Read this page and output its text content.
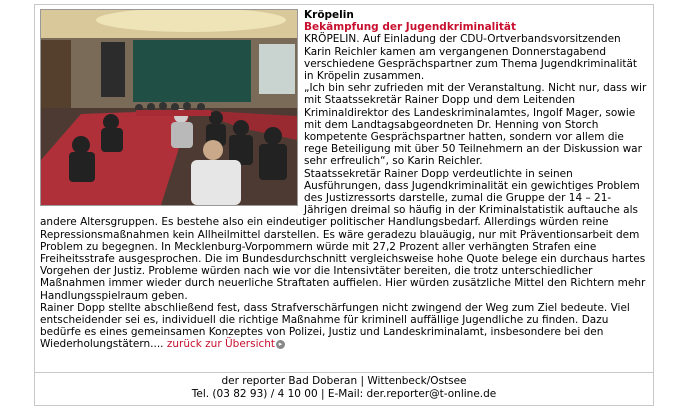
Kröpelin
Bekämpfung der Jugendkriminalität

KRÖPELIN. Auf Einladung der CDU-Ortverbandsvorsitzenden Karin Reichler kamen am vergangenen Donnerstagabend verschiedene Gesprächspartner zum Thema Jugendkriminalität in Kröpelin zusammen.

„Ich bin sehr zufrieden mit der Veranstaltung. Nicht nur, dass wir mit Staatssekretär Rainer Dopp und dem Leitenden Kriminaldirektor des Landeskriminalamtes, Ingolf Mager, sowie mit dem Landtagsabgeordneten Dr. Henning von Storch kompetente Gesprächspartner hatten, sondern vor allem die rege Beteiligung mit über 50 Teilnehmern an der Diskussion war sehr erfreulich“, so Karin Reichler.

Staatssekretär Rainer Dopp verdeutlichte in seinen Ausführungen, dass Jugendkriminalität ein gewichtiges Problem des Justizressorts darstelle, zumal die Gruppe der 14 – 21-Jährigen dreimal so häufig in der Kriminalstatistik auftauche als andere Altersgruppen. Es bestehe also ein eindeutiger politischer Handlungsbedarf. Allerdings würden reine Repressionsmaßnahmen kein Allheilmittel darstellen. Es wäre geradezu blauäugig, nur mit Präventionsarbeit dem Problem zu begegnen. In Mecklenburg-Vorpommern würde mit 27,2 Prozent aller verhängten Strafen eine Freiheitsstrafe ausgesprochen. Die im Bundesdurchschnitt vergleichsweise hohe Quote belege ein durchaus hartes Vorgehen der Justiz. Probleme würden nach wie vor die Intensivtäter bereiten, die trotz unterschiedlicher Maßnahmen immer wieder durch neuerliche Straftaten auffielen. Hier würden zusätzliche Mittel den Richtern mehr Handlungsspielraum geben.

Rainer Dopp stellte abschließend fest, dass Strafverschärfungen nicht zwingend der Weg zum Ziel bedeute. Viel entscheidender sei es, individuell die richtige Maßnahme für kriminell auffällige Jugendliche zu finden. Dazu bedürfe es eines gemeinsamen Konzeptes von Polizei, Justiz und Landeskriminalamt, insbesondere bei den Wiederholungstätern.... zurück zur Übersicht ▸

der reporter Bad Doberan | Wittenbeck/Ostsee
Tel. (03 82 93) / 4 10 00 | E-Mail: der.reporter@t-online.de
